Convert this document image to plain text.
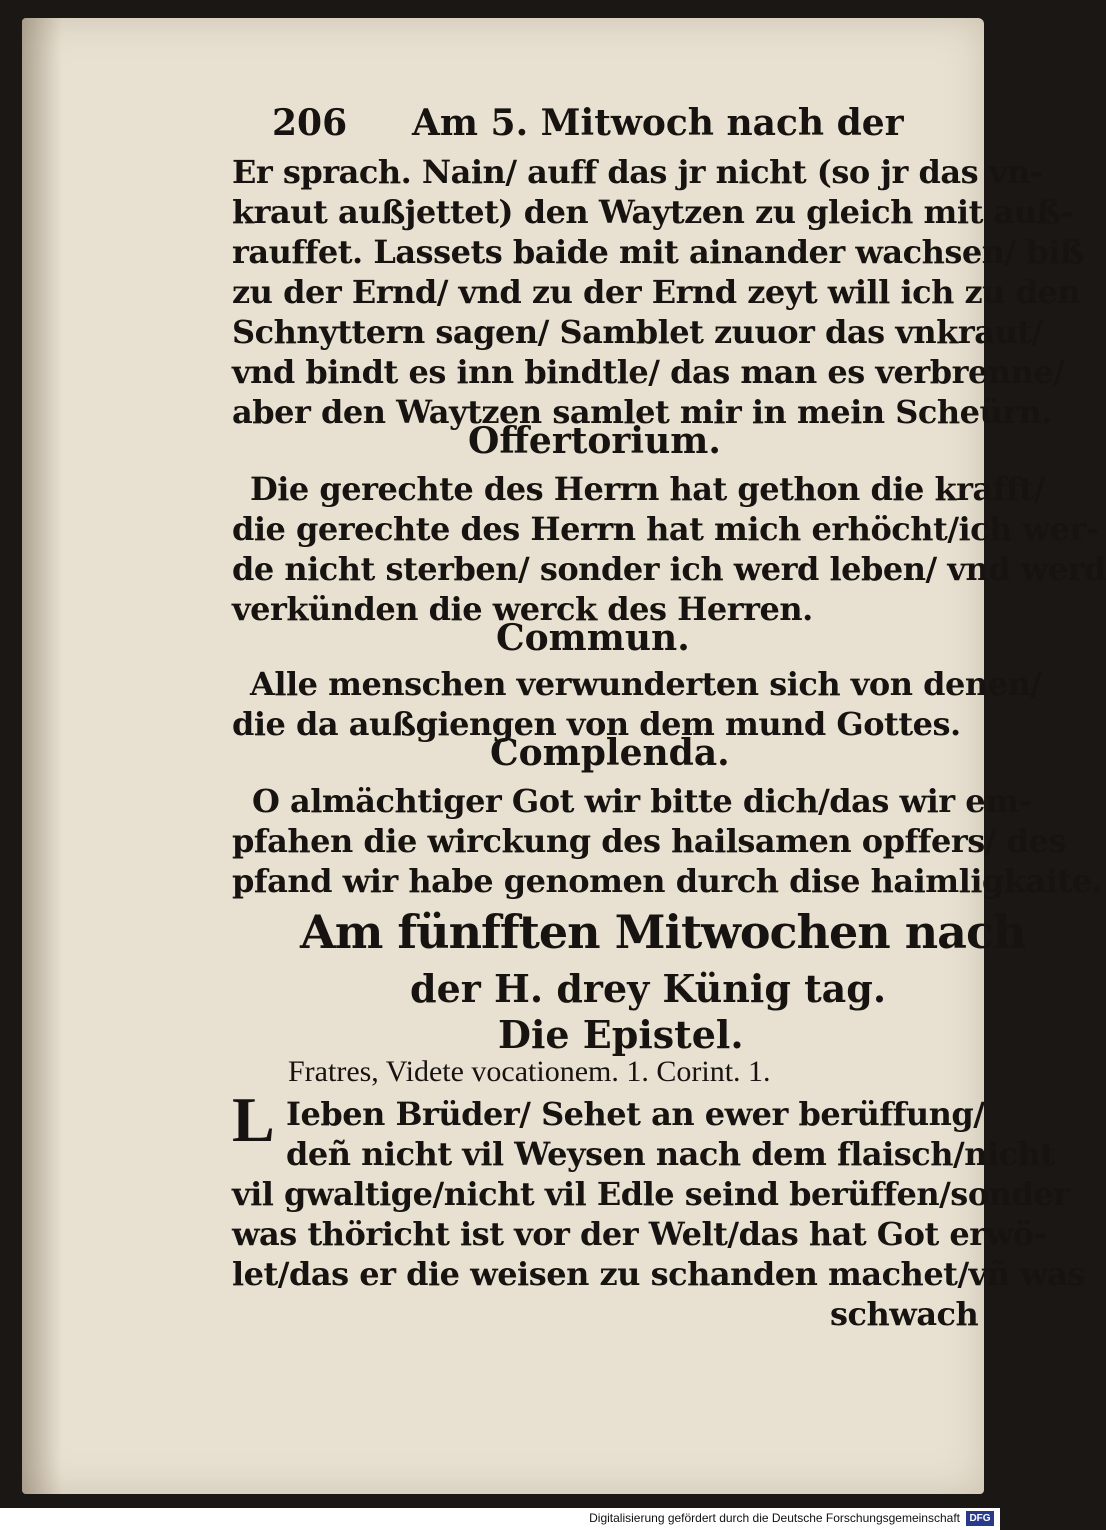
206 Am 5. Mitwoch nach der
Er sprach. Nain/ auff das jr nicht (so jr das vn-
kraut außjettet) den Waytzen zu gleich mit auß-
rauffet. Lassets baide mit ainander wachsen/ biß
zu der Ernd/ vnd zu der Ernd zeyt will ich zu den
Schnyttern sagen/ Samblet zuuor das vnkraut/
vnd bindt es inn bindtle/ das man es verbrenne/
aber den Waytzen samlet mir in mein Scheürn.
Offertorium.
Die gerechte des Herrn hat gethon die krafft/
die gerechte des Herrn hat mich erhöcht/ich wer-
de nicht sterben/ sonder ich werd leben/ vnd werd
verkünden die werck des Herren.
Commun.
Alle menschen verwunderten sich von denen/
die da außgiengen von dem mund Gottes.
Complenda.
O almächtiger Got wir bitte dich/das wir em-
pfahen die wirckung des hailsamen opffers/ des
pfand wir habe genomen durch dise haimligkaite.
Am fünfften Mitwochen nach
der H. drey Künig tag.
Die Epistel.
Fratres, Videte vocationem. 1. Corint. 1.
L Ieben Brüder/ Sehet an ewer berüffung/
deñ nicht vil Weysen nach dem flaisch/nicht
vil gwaltige/nicht vil Edle seind berüffen/sonder
was thöricht ist vor der Welt/das hat Got erwö-
let/das er die weisen zu schanden machet/vñ was
schwach
Digitalisierung gefördert durch die Deutsche Forschungsgemeinschaft DFG
